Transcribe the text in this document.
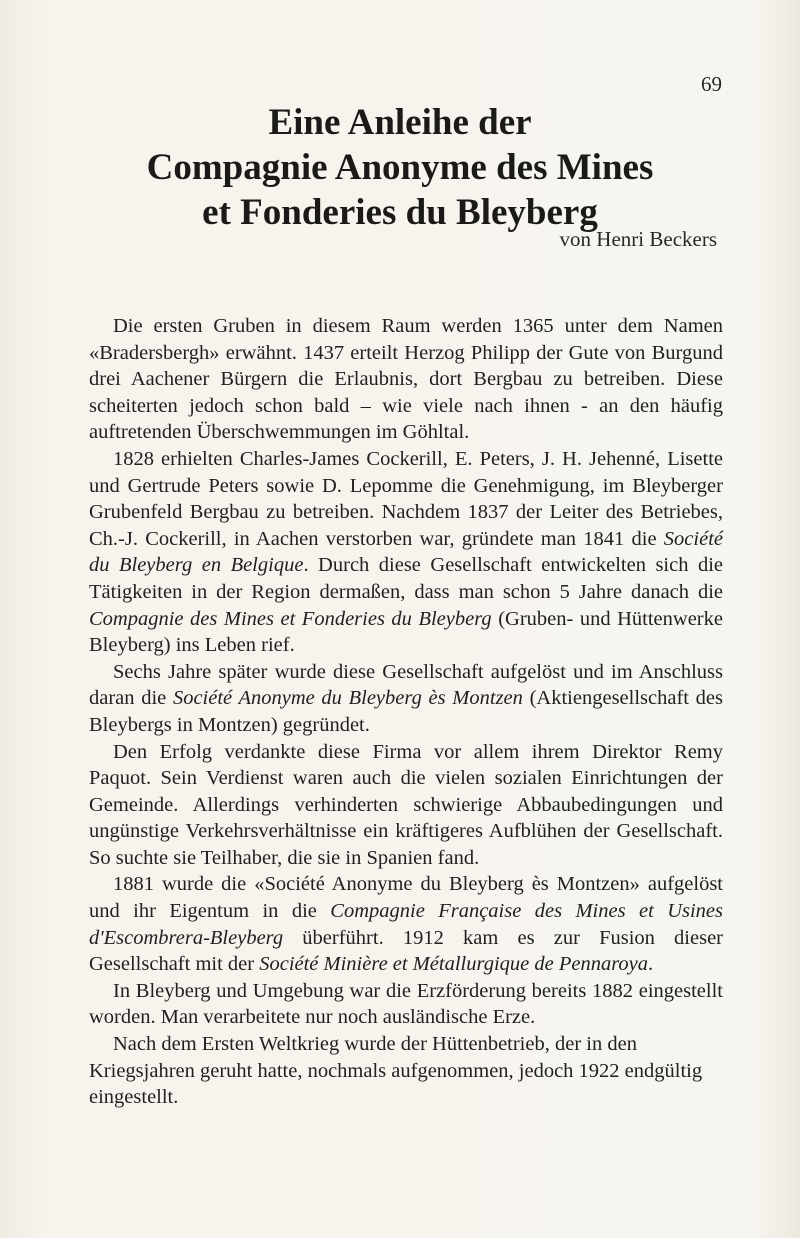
69
Eine Anleihe der
Compagnie Anonyme des Mines
et Fonderies du Bleyberg
von Henri Beckers

Die ersten Gruben in diesem Raum werden 1365 unter dem Namen «Bradersbergh» erwähnt. 1437 erteilt Herzog Philipp der Gute von Burgund drei Aachener Bürgern die Erlaubnis, dort Bergbau zu betreiben. Diese scheiterten jedoch schon bald – wie viele nach ihnen - an den häufig auftretenden Überschwemmungen im Göhltal.

1828 erhielten Charles-James Cockerill, E. Peters, J. H. Jehenné, Lisette und Gertrude Peters sowie D. Lepomme die Genehmigung, im Bleyberger Grubenfeld Bergbau zu betreiben. Nachdem 1837 der Leiter des Betriebes, Ch.-J. Cockerill, in Aachen verstorben war, gründete man 1841 die Société du Bleyberg en Belgique. Durch diese Gesellschaft entwickelten sich die Tätigkeiten in der Region dermaßen, dass man schon 5 Jahre danach die Compagnie des Mines et Fonderies du Bleyberg (Gruben- und Hüttenwerke Bleyberg) ins Leben rief.

Sechs Jahre später wurde diese Gesellschaft aufgelöst und im Anschluss daran die Société Anonyme du Bleyberg ès Montzen (Aktiengesellschaft des Bleybergs in Montzen) gegründet.

Den Erfolg verdankte diese Firma vor allem ihrem Direktor Remy Paquot. Sein Verdienst waren auch die vielen sozialen Einrichtungen der Gemeinde. Allerdings verhinderten schwierige Abbaubedingungen und ungünstige Verkehrsverhältnisse ein kräftigeres Aufblühen der Gesellschaft. So suchte sie Teilhaber, die sie in Spanien fand.

1881 wurde die «Société Anonyme du Bleyberg ès Montzen» aufgelöst und ihr Eigentum in die Compagnie Française des Mines et Usines d'Escombrera-Bleyberg überführt. 1912 kam es zur Fusion dieser Gesellschaft mit der Société Minière et Métallurgique de Pennaroya.

In Bleyberg und Umgebung war die Erzförderung bereits 1882 eingestellt worden. Man verarbeitete nur noch ausländische Erze.

Nach dem Ersten Weltkrieg wurde der Hüttenbetrieb, der in den Kriegsjahren geruht hatte, nochmals aufgenommen, jedoch 1922 endgültig eingestellt.
